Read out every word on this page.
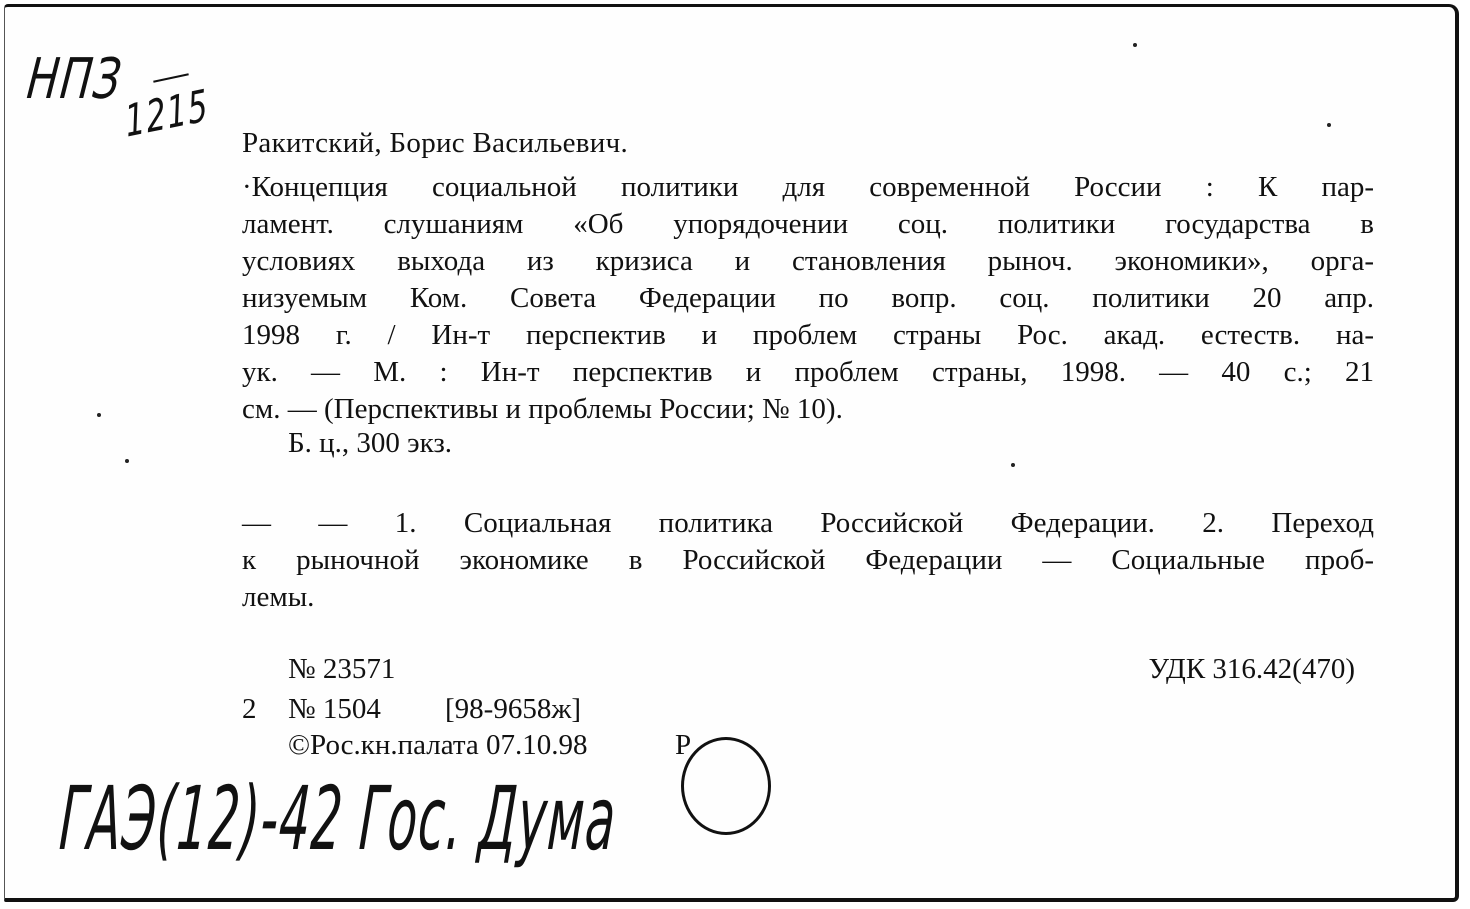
НПЗ
1215 Ракитский, Борис Васильевич.
·Концепция социальной политики для современной России : К пар-
ламент. слушаниям «Об упорядочении соц. политики государства в
условиях выхода из кризиса и становления рыноч. экономики», орга-
низуемым Ком. Совета Федерации по вопр. соц. политики 20 апр.
1998 г. / Ин-т перспектив и проблем страны Рос. акад. естеств. на-
ук. — М. : Ин-т перспектив и проблем страны, 1998. — 40 с.; 21
см. — (Перспективы и проблемы России; № 10).
Б. ц., 300 экз.
— — 1. Социальная политика Российской Федерации. 2. Переход
к рыночной экономике в Российской Федерации — Социальные проб-
лемы.
№ 23571	УДК 316.42(470)
2 № 1504 [98-9658ж]
©Рос.кн.палата 07.10.98	Р
ГАЭ(12)-42 Гос. Дума
